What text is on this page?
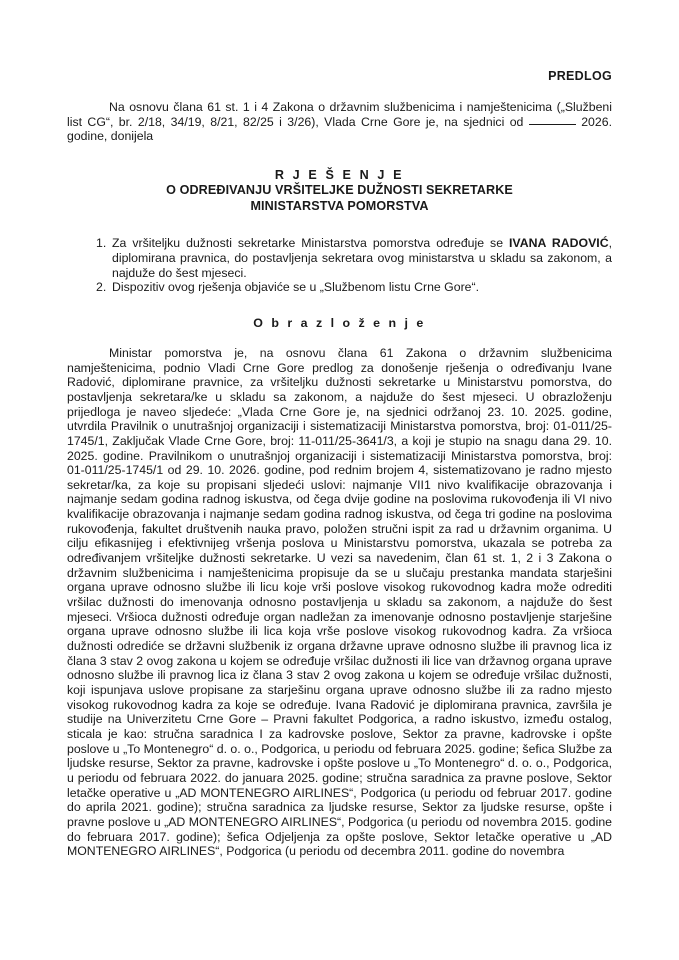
PREDLOG

Na osnovu člana 61 st. 1 i 4 Zakona o državnim službenicima i namještenicima („Službeni list CG“, br. 2/18, 34/19, 8/21, 82/25 i 3/26), Vlada Crne Gore je, na sjednici od	2026. godine, donijela

R J E Š E N J E
O ODREĐIVANJU VRŠITELJKE DUŽNOSTI SEKRETARKE
MINISTARSTVA POMORSTVA
Za vršiteljku dužnosti sekretarke Ministarstva pomorstva određuje se IVANA RADOVIĆ, diplomirana pravnica, do postavljenja sekretara ovog ministarstva u skladu sa zakonom, a najduže do šest mjeseci.
Dispozitiv ovog rješenja objaviće se u „Službenom listu Crne Gore“.
O b r a z l o ž e n j e

Ministar pomorstva je, na osnovu člana 61 Zakona o državnim službenicima namještenicima, podnio Vladi Crne Gore predlog za donošenje rješenja o određivanju Ivane Radović, diplomirane pravnice, za vršiteljku dužnosti sekretarke u Ministarstvu pomorstva, do postavljenja sekretara/ke u skladu sa zakonom, a najduže do šest mjeseci. U obrazloženju prijedloga je naveo sljedeće: „Vlada Crne Gore je, na sjednici održanoj 23. 10. 2025. godine, utvrdila Pravilnik o unutrašnjoj organizaciji i sistematizaciji Ministarstva pomorstva, broj: 01-011/25-1745/1, Zaključak Vlade Crne Gore, broj: 11-011/25-3641/3, a koji je stupio na snagu dana 29. 10. 2025. godine. Pravilnikom o unutrašnjoj organizaciji i sistematizaciji Ministarstva pomorstva, broj: 01-011/25-1745/1 od 29. 10. 2026. godine, pod rednim brojem 4, sistematizovano je radno mjesto sekretar/ka, za koje su propisani sljedeći uslovi: najmanje VII1 nivo kvalifikacije obrazovanja i najmanje sedam godina radnog iskustva, od čega dvije godine na poslovima rukovođenja ili VI nivo kvalifikacije obrazovanja i najmanje sedam godina radnog iskustva, od čega tri godine na poslovima rukovođenja, fakultet društvenih nauka pravo, položen stručni ispit za rad u državnim organima. U cilju efikasnijeg i efektivnijeg vršenja poslova u Ministarstvu pomorstva, ukazala se potreba za određivanjem vršiteljke dužnosti sekretarke. U vezi sa navedenim, član 61 st. 1, 2 i 3 Zakona o državnim službenicima i namještenicima propisuje da se u slučaju prestanka mandata starješini organa uprave odnosno službe ili licu koje vrši poslove visokog rukovodnog kadra može odrediti vršilac dužnosti do imenovanja odnosno postavljenja u skladu sa zakonom, a najduže do šest mjeseci. Vršioca dužnosti određuje organ nadležan za imenovanje odnosno postavljenje starješine organa uprave odnosno službe ili lica koja vrše poslove visokog rukovodnog kadra. Za vršioca dužnosti odrediće se državni službenik iz organa državne uprave odnosno službe ili pravnog lica iz člana 3 stav 2 ovog zakona u kojem se određuje vršilac dužnosti ili lice van državnog organa uprave odnosno službe ili pravnog lica iz člana 3 stav 2 ovog zakona u kojem se određuje vršilac dužnosti, koji ispunjava uslove propisane za starješinu organa uprave odnosno službe ili za radno mjesto visokog rukovodnog kadra za koje se određuje. Ivana Radović je diplomirana pravnica, završila je studije na Univerzitetu Crne Gore – Pravni fakultet Podgorica, a radno iskustvo, između ostalog, sticala je kao: stručna saradnica I za kadrovske poslove, Sektor za pravne, kadrovske i opšte poslove u „To Montenegro“ d. o. o., Podgorica, u periodu od februara 2025. godine; šefica Službe za ljudske resurse, Sektor za pravne, kadrovske i opšte poslove u „To Montenegro“ d. o. o., Podgorica, u periodu od februara 2022. do januara 2025. godine; stručna saradnica za pravne poslove, Sektor letačke operative u „AD MONTENEGRO AIRLINES“, Podgorica (u periodu od februar 2017. godine do aprila 2021. godine); stručna saradnica za ljudske resurse, Sektor za ljudske resurse, opšte i pravne poslove u „AD MONTENEGRO AIRLINES“, Podgorica (u periodu od novembra 2015. godine do februara 2017. godine); šefica Odjeljenja za opšte poslove, Sektor letačke operative u „AD MONTENEGRO AIRLINES“, Podgorica (u periodu od decembra 2011. godine do novembra
